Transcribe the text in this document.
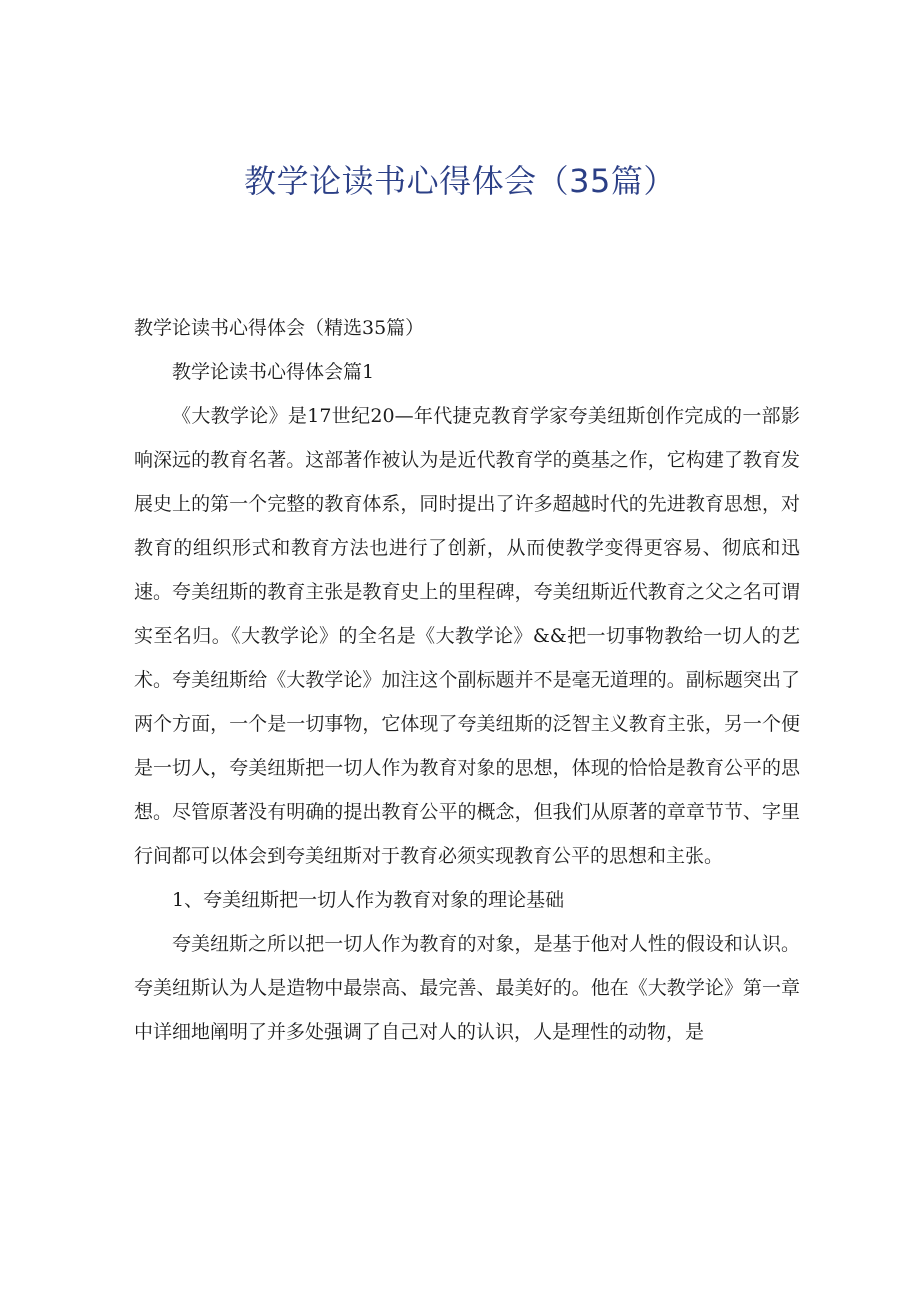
教学论读书心得体会（35篇）

教学论读书心得体会（精选35篇）

教学论读书心得体会篇1

《大教学论》是17世纪20—年代捷克教育学家夸美纽斯创作完成的一部影响深远的教育名著。这部著作被认为是近代教育学的奠基之作，它构建了教育发展史上的第一个完整的教育体系，同时提出了许多超越时代的先进教育思想，对教育的组织形式和教育方法也进行了创新，从而使教学变得更容易、彻底和迅速。夸美纽斯的教育主张是教育史上的里程碑，夸美纽斯近代教育之父之名可谓实至名归。《大教学论》的全名是《大教学论》&&把一切事物教给一切人的艺术。夸美纽斯给《大教学论》加注这个副标题并不是毫无道理的。副标题突出了两个方面，一个是一切事物，它体现了夸美纽斯的泛智主义教育主张，另一个便是一切人，夸美纽斯把一切人作为教育对象的思想，体现的恰恰是教育公平的思想。尽管原著没有明确的提出教育公平的概念，但我们从原著的章章节节、字里行间都可以体会到夸美纽斯对于教育必须实现教育公平的思想和主张。

1、夸美纽斯把一切人作为教育对象的理论基础

夸美纽斯之所以把一切人作为教育的对象，是基于他对人性的假设和认识。夸美纽斯认为人是造物中最崇高、最完善、最美好的。他在《大教学论》第一章中详细地阐明了并多处强调了自己对人的认识，人是理性的动物，是
